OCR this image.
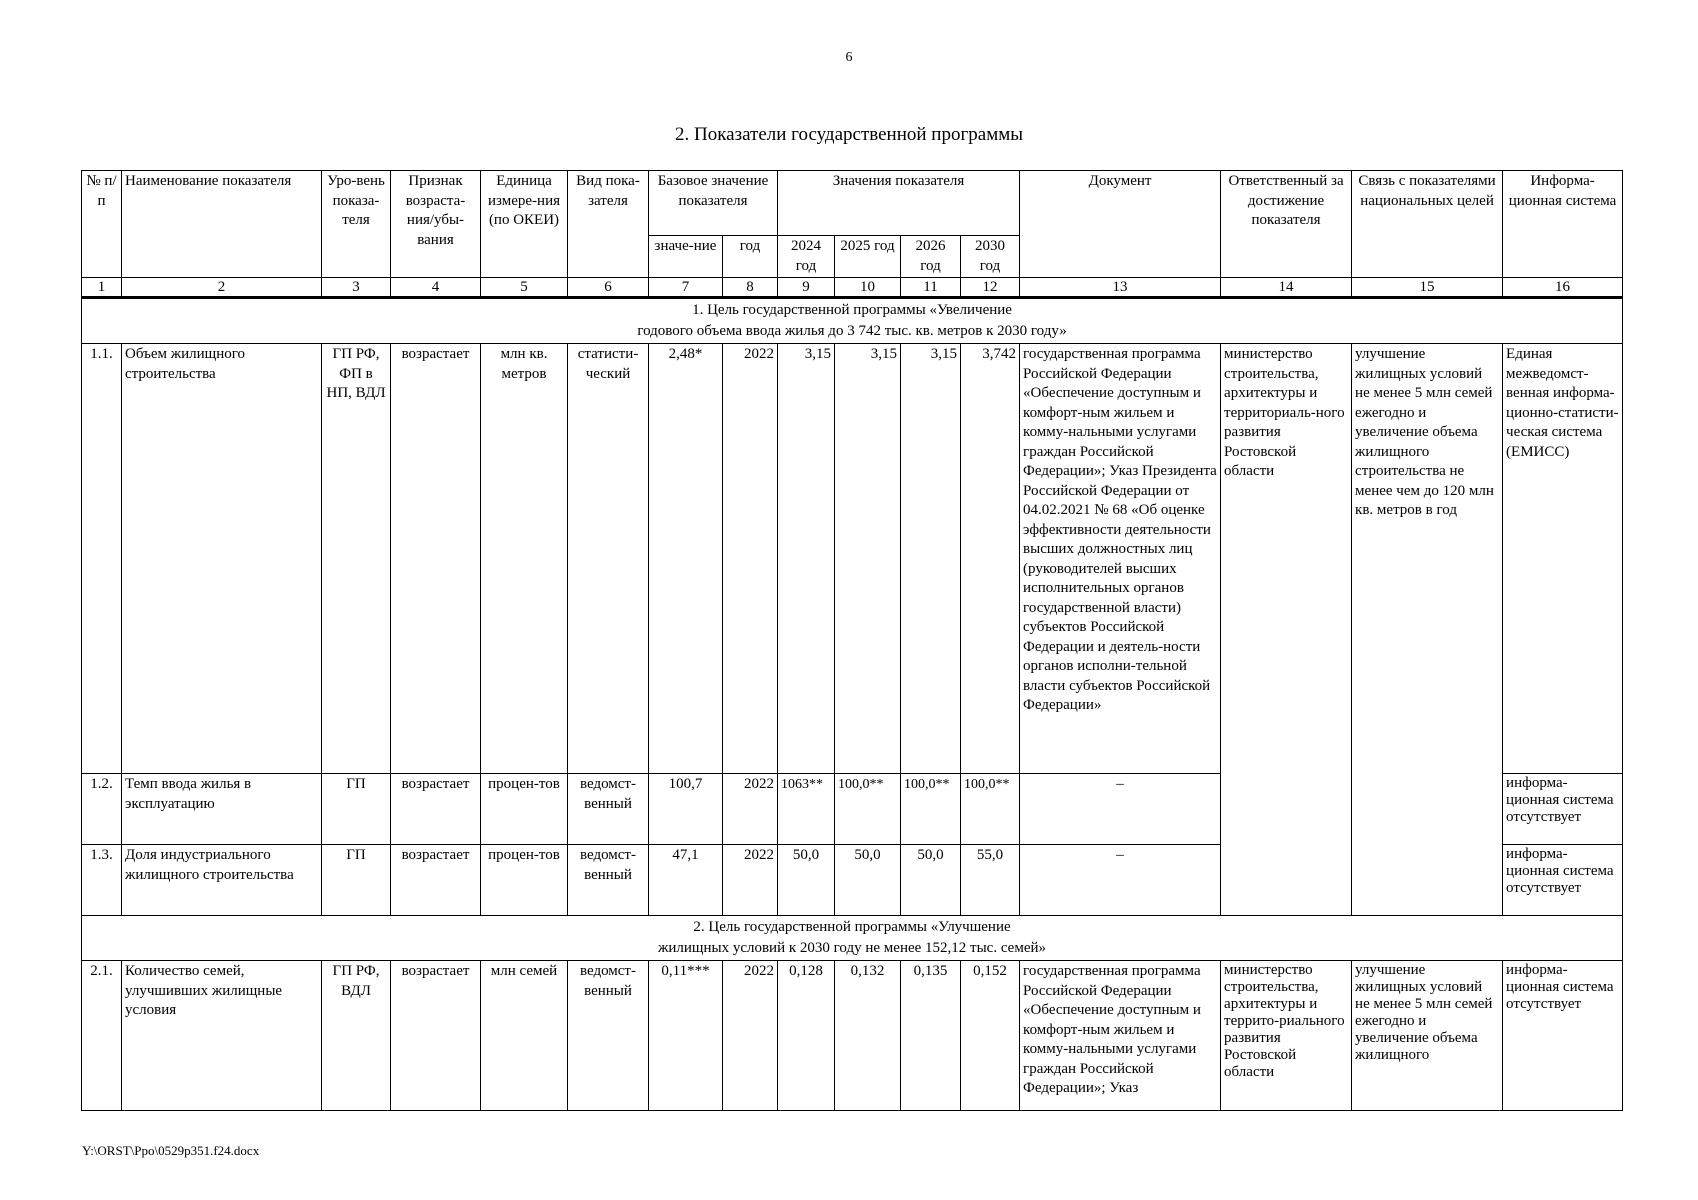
6
2. Показатели государственной программы
№ п/п	Наименование показателя	Уро-вень показа-теля	Признак возраста-ния/убы-вания	Единица измере-ния (по ОКЕИ)	Вид пока-зателя	Базовое значение показателя		Значения показателя				Документ	Ответственный за достижение показателя	Связь с показателями национальных целей	Информа-ционная система
						значе-ние	год	2024 год	2025 год	2026 год	2030 год				
1	2	3	4	5	6	7	8	9	10	11	12	13	14	15	16

1. Цель государственной программы «Увеличение
годового объема ввода жилья до 3 742 тыс. кв. метров к 2030 году»															

1.1.	Объем жилищного строительства	ГП РФ, ФП в НП, ВДЛ	возрастает	млн кв. метров	статисти-ческий	2,48*	2022	3,15	3,15	3,15	3,742	государственная программа Российской Федерации «Обеспечение доступным и комфорт-ным жильем и комму-нальными услугами граждан Российской Федерации»; Указ Президента Российской Федерации от 04.02.2021 № 68 «Об оценке эффективности деятельности высших должностных лиц (руководителей высших исполнительных органов государственной власти) субъектов Российской Федерации и деятель-ности органов исполни-тельной власти субъектов Российской Федерации»	министерство строительства, архитектуры и территориаль-ного развития Ростовской области	улучшение жилищных условий не менее 5 млн семей ежегодно и увеличение объема жилищного строительства не менее чем до 120 млн кв. метров в год	Единая межведомст-венная информа-ционно-статисти-ческая система (ЕМИСС)
1.2.	Темп ввода жилья в эксплуатацию	ГП	возрастает	процен-тов	ведомст-венный	100,7	2022	1063**	100,0**	100,0**	100,0**	–			информа-ционная система отсутствует
1.3.	Доля индустриального жилищного строительства	ГП	возрастает	процен-тов	ведомст-венный	47,1	2022	50,0	50,0	50,0	55,0	–			информа-ционная система отсутствует

2. Цель государственной программы «Улучшение
жилищных условий к 2030 году не менее 152,12 тыс. семей»															

2.1.	Количество семей, улучшивших жилищные условия	ГП РФ, ВДЛ	возрастает	млн семей	ведомст-венный	0,11***	2022	0,128	0,132	0,135	0,152	государственная программа Российской Федерации «Обеспечение доступным и комфорт-ным жильем и комму-нальными услугами граждан Российской Федерации»; Указ	министерство строительства, архитектуры и террито-риального развития Ростовской области	улучшение жилищных условий не менее 5 млн семей ежегодно и увеличение объема жилищного	информа-ционная система отсутствует
Y:\ORST\Ppo\0529p351.f24.docx
